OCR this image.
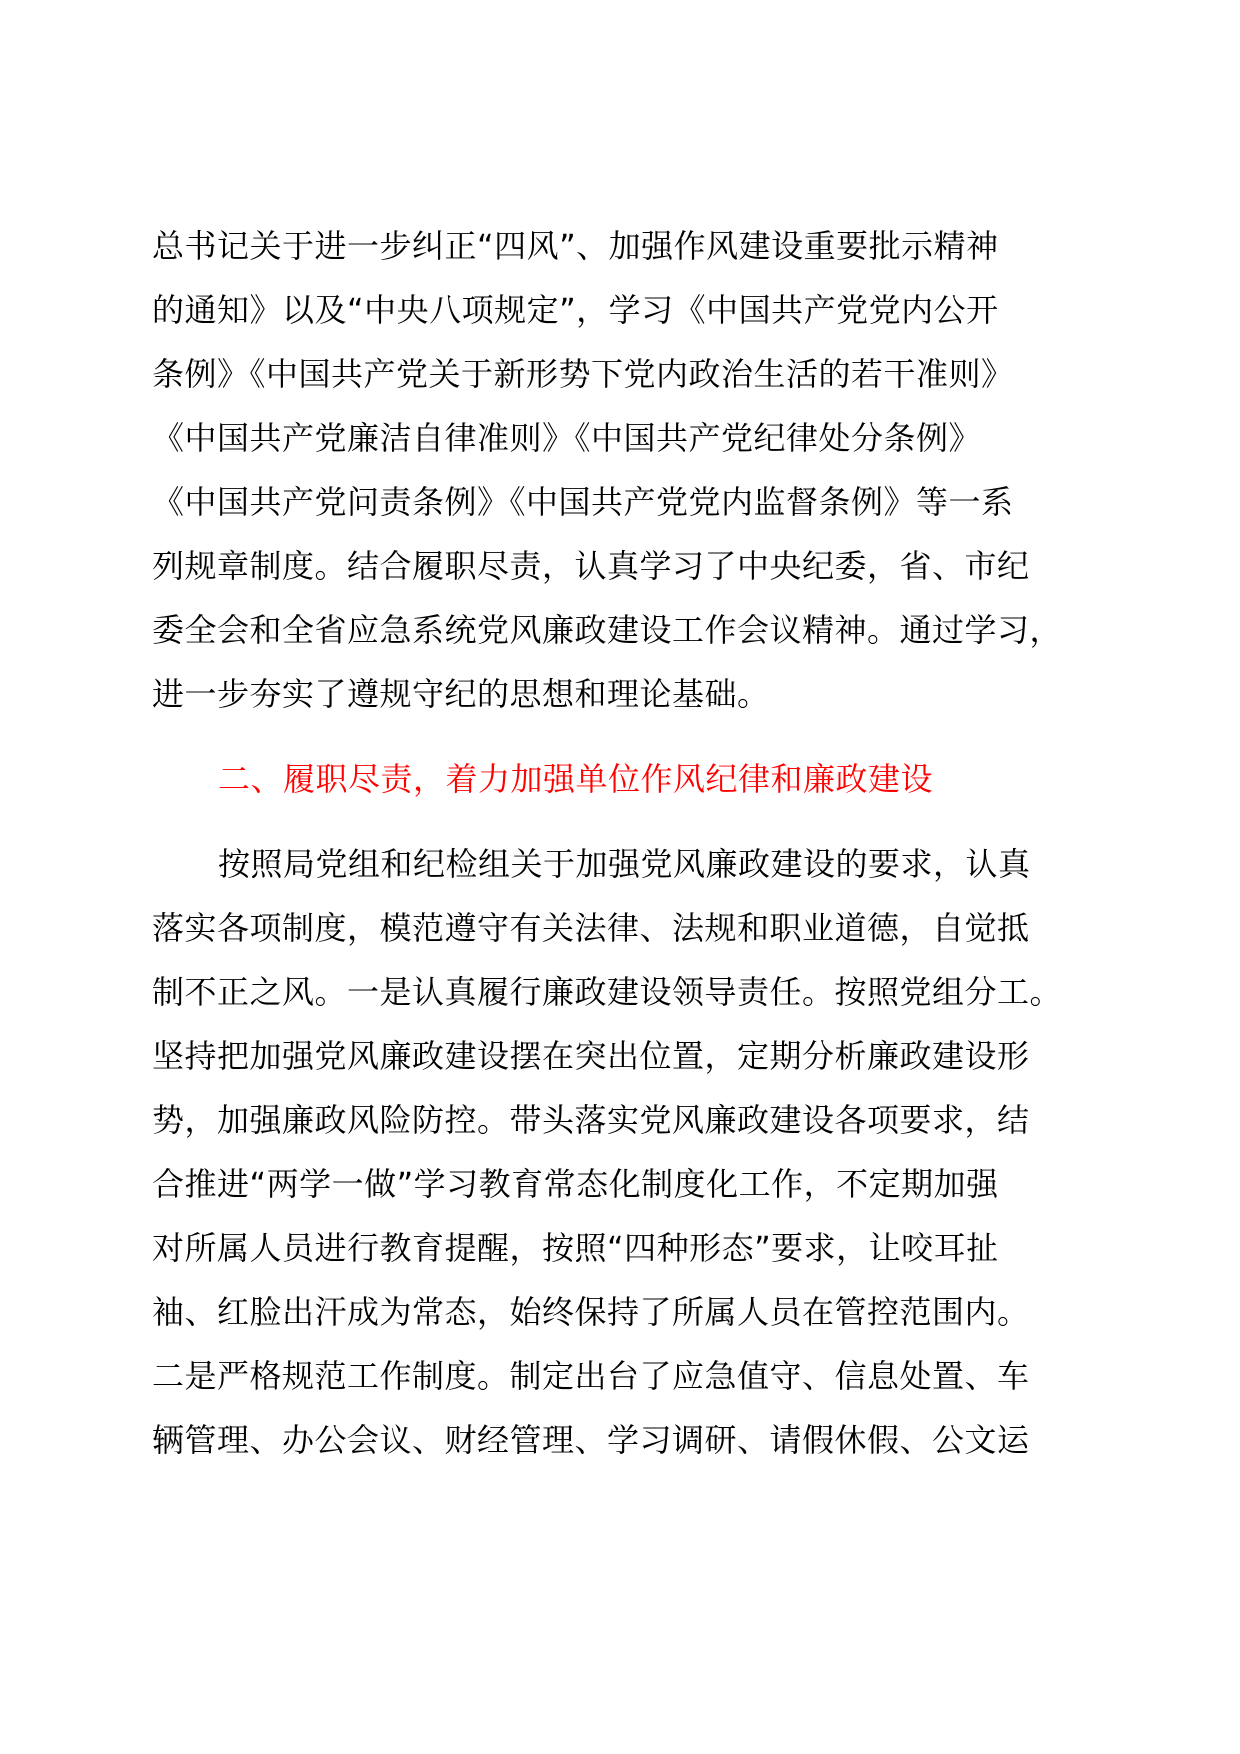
总书记关于进一步纠正“四风”、加强作风建设重要批示精神
的通知》以及“中央八项规定”，学习《中国共产党党内公开
条例》《中国共产党关于新形势下党内政治生活的若干准则》
《中国共产党廉洁自律准则》《中国共产党纪律处分条例》
《中国共产党问责条例》《中国共产党党内监督条例》等一系
列规章制度。结合履职尽责，认真学习了中央纪委，省、市纪
委全会和全省应急系统党风廉政建设工作会议精神。通过学习，
进一步夯实了遵规守纪的思想和理论基础。
二、履职尽责，着力加强单位作风纪律和廉政建设
按照局党组和纪检组关于加强党风廉政建设的要求，认真
落实各项制度，模范遵守有关法律、法规和职业道德，自觉抵
制不正之风。一是认真履行廉政建设领导责任。按照党组分工。
坚持把加强党风廉政建设摆在突出位置，定期分析廉政建设形
势，加强廉政风险防控。带头落实党风廉政建设各项要求，结
合推进“两学一做”学习教育常态化制度化工作，不定期加强
对所属人员进行教育提醒，按照“四种形态”要求，让咬耳扯
袖、红脸出汗成为常态，始终保持了所属人员在管控范围内。
二是严格规范工作制度。制定出台了应急值守、信息处置、车
辆管理、办公会议、财经管理、学习调研、请假休假、公文运
